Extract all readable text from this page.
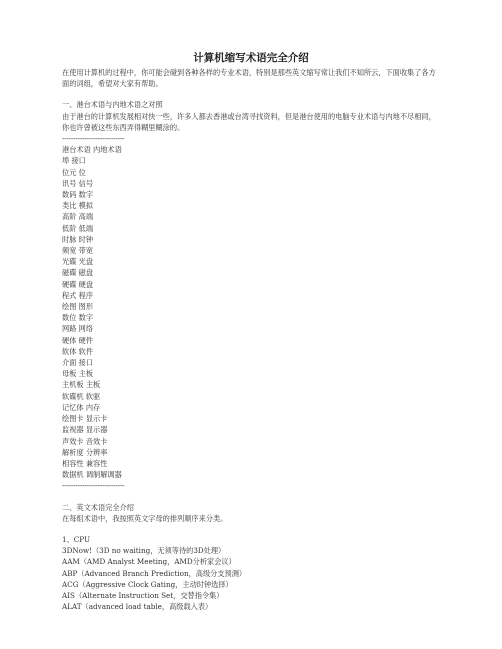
计算机缩写术语完全介绍

在使用计算机的过程中，你可能会碰到各种各样的专业术语，特别是那些英文缩写常让我们不知所云，下面收集了各方面的词组，希望对大家有帮助。

一、港台术语与内地术语之对照

由于港台的计算机发展相对快一些，许多人都去香港或台湾寻找资料，但是港台使用的电脑专业术语与内地不尽相同，你也许曾被这些东西弄得糊里糊涂的。

----------------------------

港台术语 内地术语

埠 接口

位元 位

讯号 信号

数码 数字

类比 模拟

高阶 高端

低阶 低端

时脉 时钟

频宽 带宽

光碟 光盘

磁碟 磁盘

硬碟 硬盘

程式 程序

绘图 图形

数位 数字

网路 网络

硬体 硬件

软体 软件

介面 接口

母板 主板

主机板 主板

软碟机 软驱

记忆体 内存

绘图卡 显示卡

监视器 显示器

声效卡 音效卡

解析度 分辨率

相容性 兼容性

数据机 调制解调器

----------------------------

二、英文术语完全介绍

在每组术语中，我按照英文字母的排列顺序来分类。

1、CPU

3DNow!（3D no waiting，无须等待的3D处理）

AAM（AMD Analyst Meeting，AMD分析家会议）

ABP（Advanced Branch Prediction，高级分支预测）

ACG（Aggressive Clock Gating，主动时钟选择）

AIS（Alternate Instruction Set，交替指令集）

ALAT（advanced load table，高级载入表）
